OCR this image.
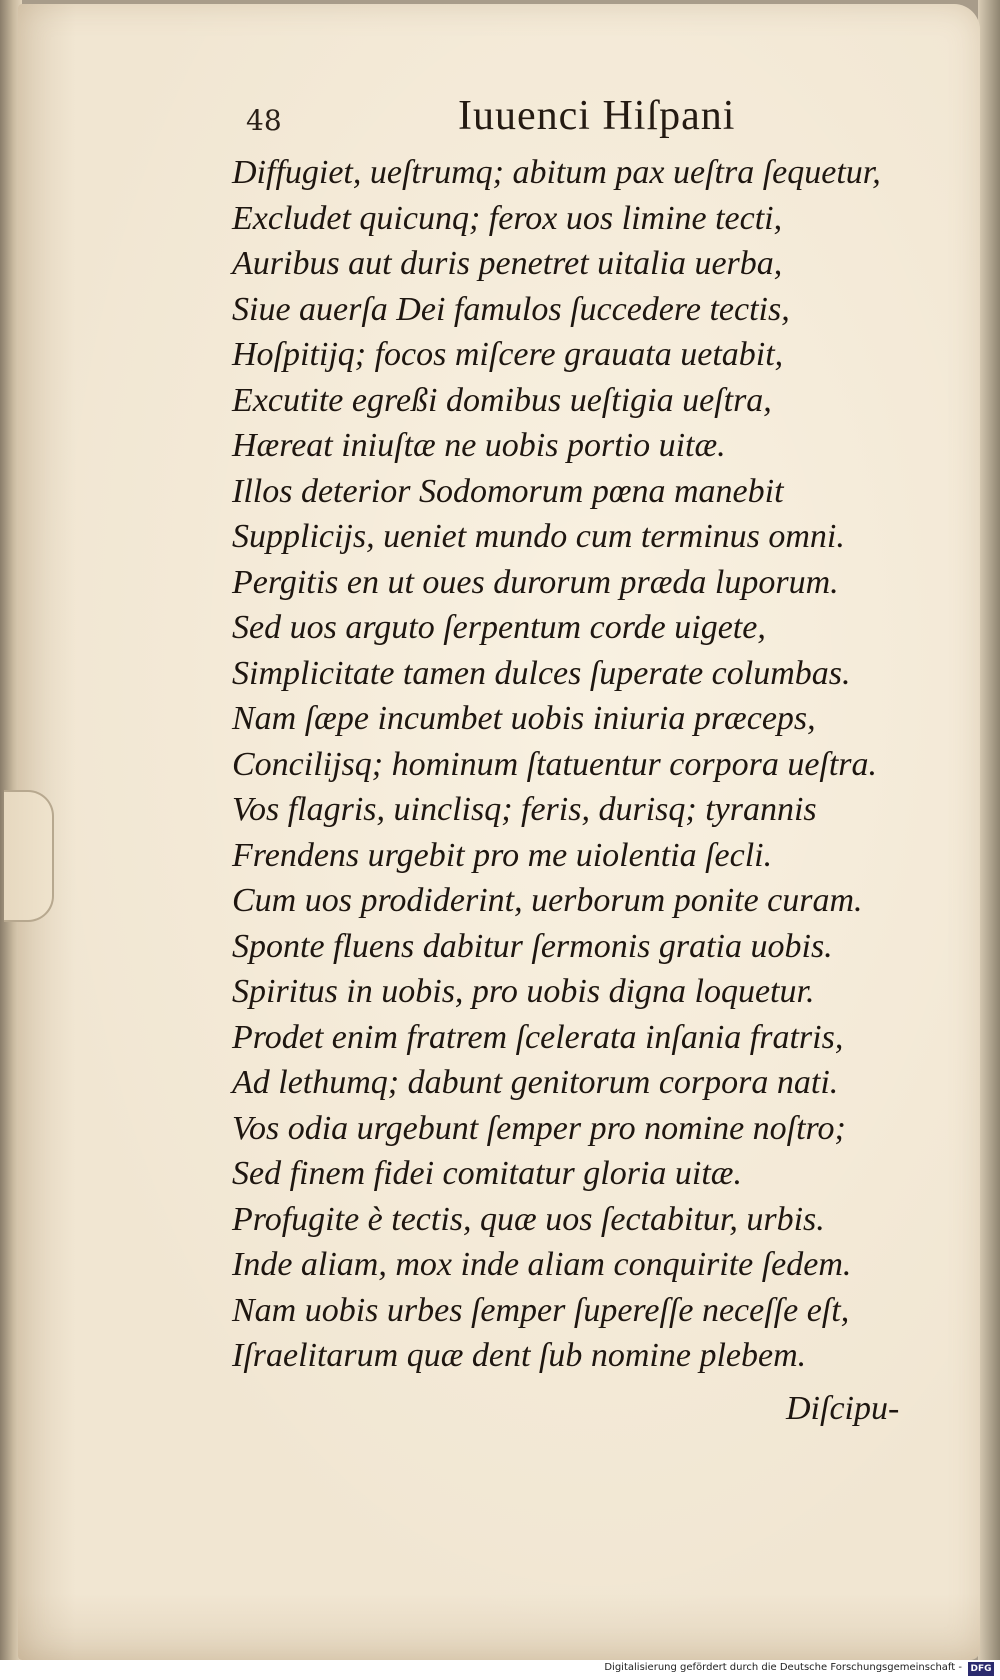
48	Iuuenci Hiſpani
Diffugiet, ueſtrumq; abitum pax ueſtra ſequetur,
Excludet quicunq; ferox uos limine tecti,
Auribus aut duris penetret uitalia uerba,
Siue auerſa Dei famulos ſuccedere tectis,
Hoſpitijq; focos miſcere grauata uetabit,
Excutite egreßi domibus ueſtigia ueſtra,
Hæreat iniuſtæ ne uobis portio uitæ.
Illos deterior Sodomorum pœna manebit
Supplicijs, ueniet mundo cum terminus omni.
Pergitis en ut oues durorum præda luporum.
Sed uos arguto ſerpentum corde uigete,
Simplicitate tamen dulces ſuperate columbas.
Nam ſæpe incumbet uobis iniuria præceps,
Concilijsq; hominum ſtatuentur corpora ueſtra.
Vos flagris, uinclisq; feris, durisq; tyrannis
Frendens urgebit pro me uiolentia ſecli.
Cum uos prodiderint, uerborum ponite curam.
Sponte fluens dabitur ſermonis gratia uobis.
Spiritus in uobis, pro uobis digna loquetur.
Prodet enim fratrem ſcelerata inſania fratris,
Ad lethumq; dabunt genitorum corpora nati.
Vos odia urgebunt ſemper pro nomine noſtro;
Sed finem fidei comitatur gloria uitæ.
Profugite è tectis, quæ uos ſectabitur, urbis.
Inde aliam, mox inde aliam conquirite ſedem.
Nam uobis urbes ſemper ſupereſſe neceſſe eſt,
Iſraelitarum quæ dent ſub nomine plebem.
Diſcipu-
Digitalisierung gefördert durch die Deutsche Forschungsgemeinschaft - DFG
